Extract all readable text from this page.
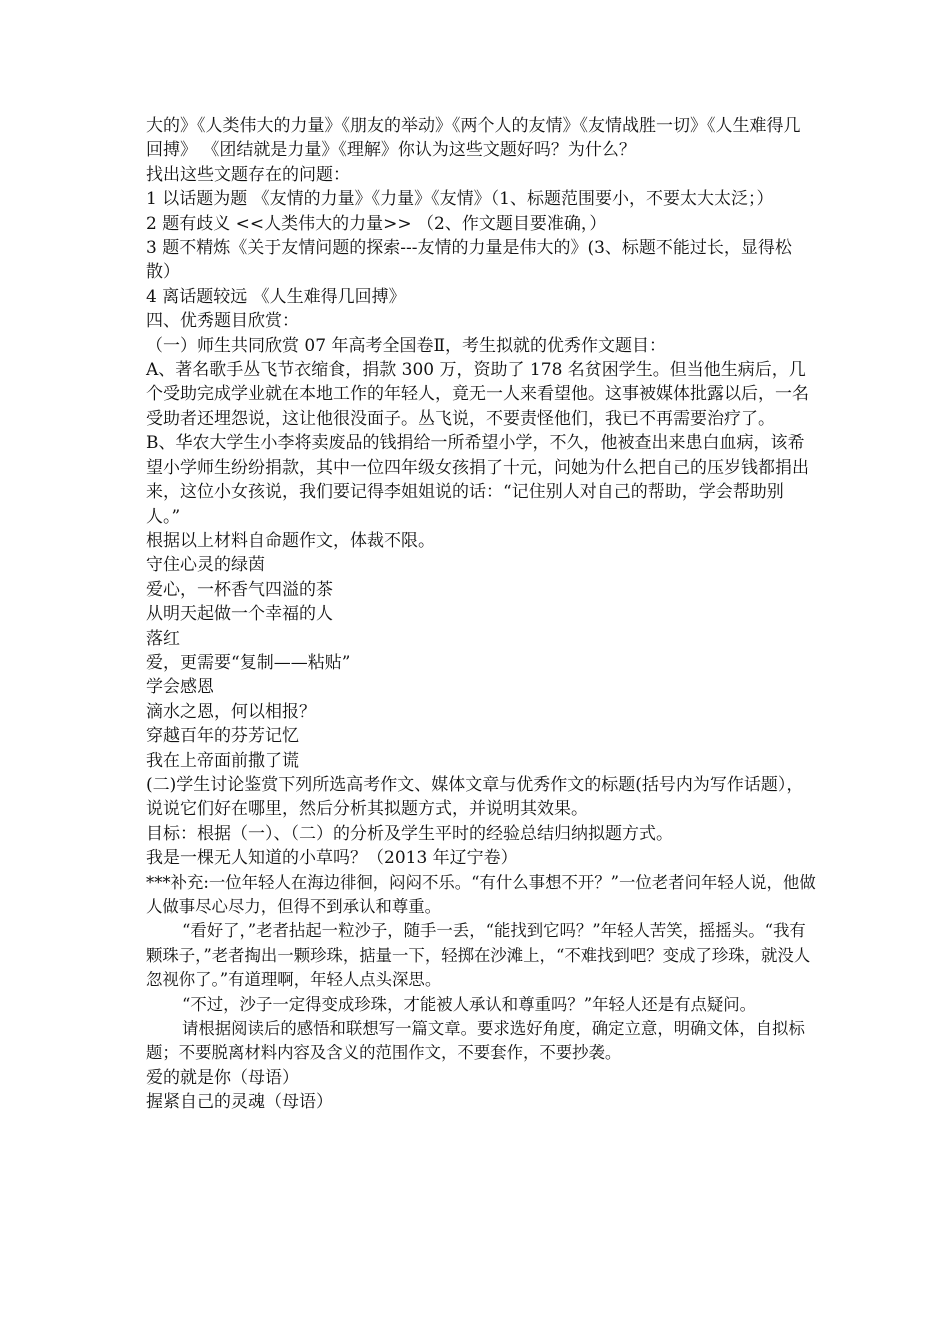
大的》《人类伟大的力量》《朋友的举动》《两个人的友情》《友情战胜一切》《人生难得几回搏》 《团结就是力量》《理解》你认为这些文题好吗？为什么？

找出这些文题存在的问题：

1 以话题为题 《友情的力量》《力量》《友情》（1、标题范围要小，不要太大太泛；）

2 题有歧义 <<人类伟大的力量>> （2、作文题目要准确，）

3 题不精炼《关于友情问题的探索---友情的力量是伟大的》(3、标题不能过长，显得松散）

4 离话题较远 《人生难得几回搏》

四、优秀题目欣赏：

（一）师生共同欣赏 07 年高考全国卷Ⅱ，考生拟就的优秀作文题目：

A、著名歌手丛飞节衣缩食，捐款 300 万，资助了 178 名贫困学生。但当他生病后，几个受助完成学业就在本地工作的年轻人，竟无一人来看望他。这事被媒体批露以后，一名受助者还埋怨说，这让他很没面子。丛飞说，不要责怪他们，我已不再需要治疗了。

B、华农大学生小李将卖废品的钱捐给一所希望小学，不久，他被查出来患白血病，该希望小学师生纷纷捐款，其中一位四年级女孩捐了十元，问她为什么把自己的压岁钱都捐出来，这位小女孩说，我们要记得李姐姐说的话：“记住别人对自己的帮助，学会帮助别人。”

根据以上材料自命题作文，体裁不限。

守住心灵的绿茵

爱心，一杯香气四溢的茶

从明天起做一个幸福的人

落红

爱，更需要“复制——粘贴”

学会感恩

滴水之恩，何以相报？

穿越百年的芬芳记忆

我在上帝面前撒了谎

(二)学生讨论鉴赏下列所选高考作文、媒体文章与优秀作文的标题(括号内为写作话题），说说它们好在哪里，然后分析其拟题方式，并说明其效果。

目标：根据（一）、（二）的分析及学生平时的经验总结归纳拟题方式。

我是一棵无人知道的小草吗？（2013 年辽宁卷）

***补充:一位年轻人在海边徘徊，闷闷不乐。“有什么事想不开？”一位老者问年轻人说，他做人做事尽心尽力，但得不到承认和尊重。

“看好了，”老者拈起一粒沙子，随手一丢，“能找到它吗？”年轻人苦笑，摇摇头。“我有颗珠子，”老者掏出一颗珍珠，掂量一下，轻掷在沙滩上，“不难找到吧？变成了珍珠，就没人忽视你了。”有道理啊，年轻人点头深思。

“不过，沙子一定得变成珍珠，才能被人承认和尊重吗？”年轻人还是有点疑问。

请根据阅读后的感悟和联想写一篇文章。要求选好角度，确定立意，明确文体，自拟标题；不要脱离材料内容及含义的范围作文，不要套作，不要抄袭。

爱的就是你（母语）

握紧自己的灵魂（母语）
